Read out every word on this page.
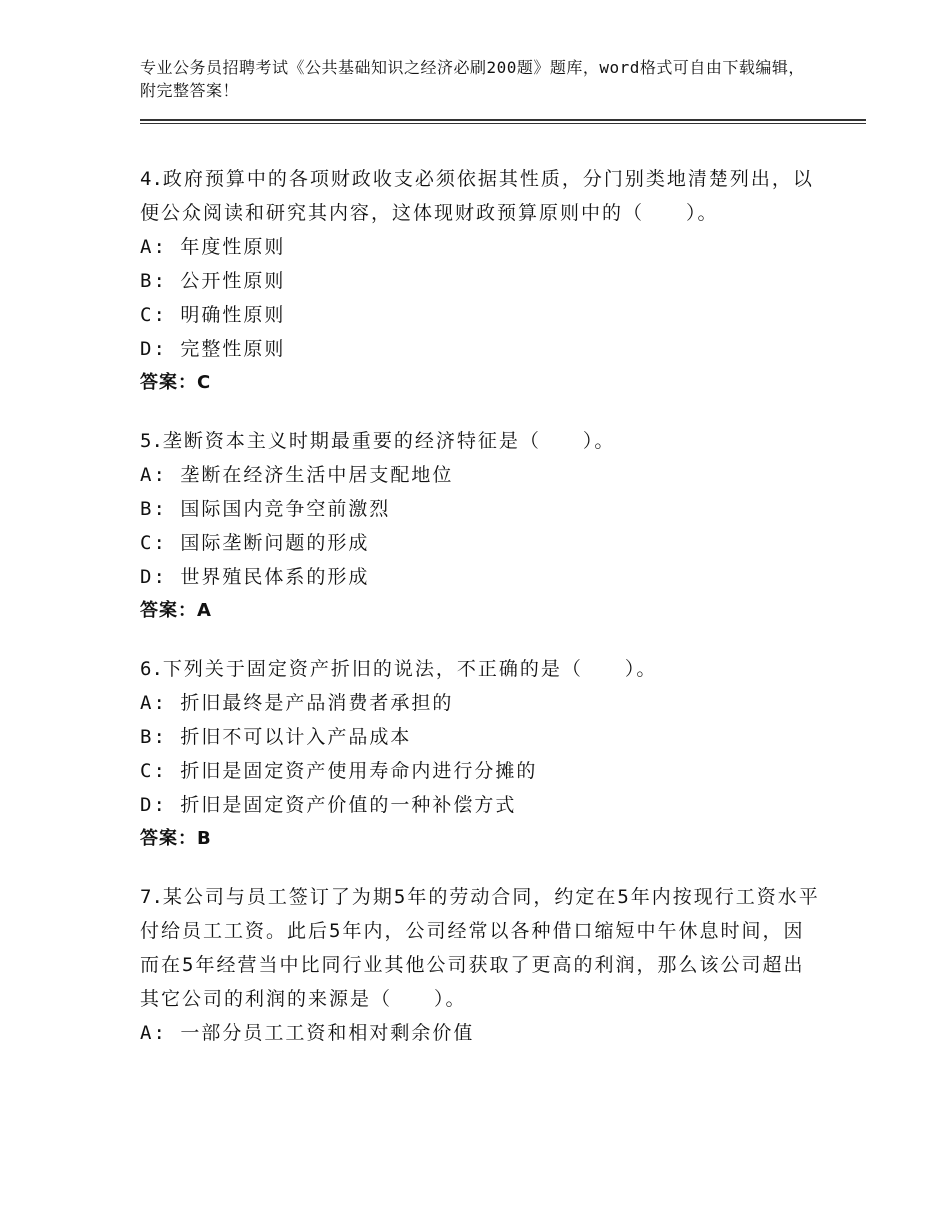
专业公务员招聘考试《公共基础知识之经济必刷200题》题库，word格式可自由下载编辑，附完整答案！

4.政府预算中的各项财政收支必须依据其性质，分门别类地清楚列出，以便公众阅读和研究其内容，这体现财政预算原则中的（　　）。

A: 年度性原则

B: 公开性原则

C: 明确性原则

D: 完整性原则

答案：C

5.垄断资本主义时期最重要的经济特征是（　　）。

A: 垄断在经济生活中居支配地位

B: 国际国内竞争空前激烈

C: 国际垄断问题的形成

D: 世界殖民体系的形成

答案：A

6.下列关于固定资产折旧的说法，不正确的是（　　）。

A: 折旧最终是产品消费者承担的

B: 折旧不可以计入产品成本

C: 折旧是固定资产使用寿命内进行分摊的

D: 折旧是固定资产价值的一种补偿方式

答案：B

7.某公司与员工签订了为期5年的劳动合同，约定在5年内按现行工资水平付给员工工资。此后5年内，公司经常以各种借口缩短中午休息时间，因而在5年经营当中比同行业其他公司获取了更高的利润，那么该公司超出其它公司的利润的来源是（　　）。

A: 一部分员工工资和相对剩余价值
